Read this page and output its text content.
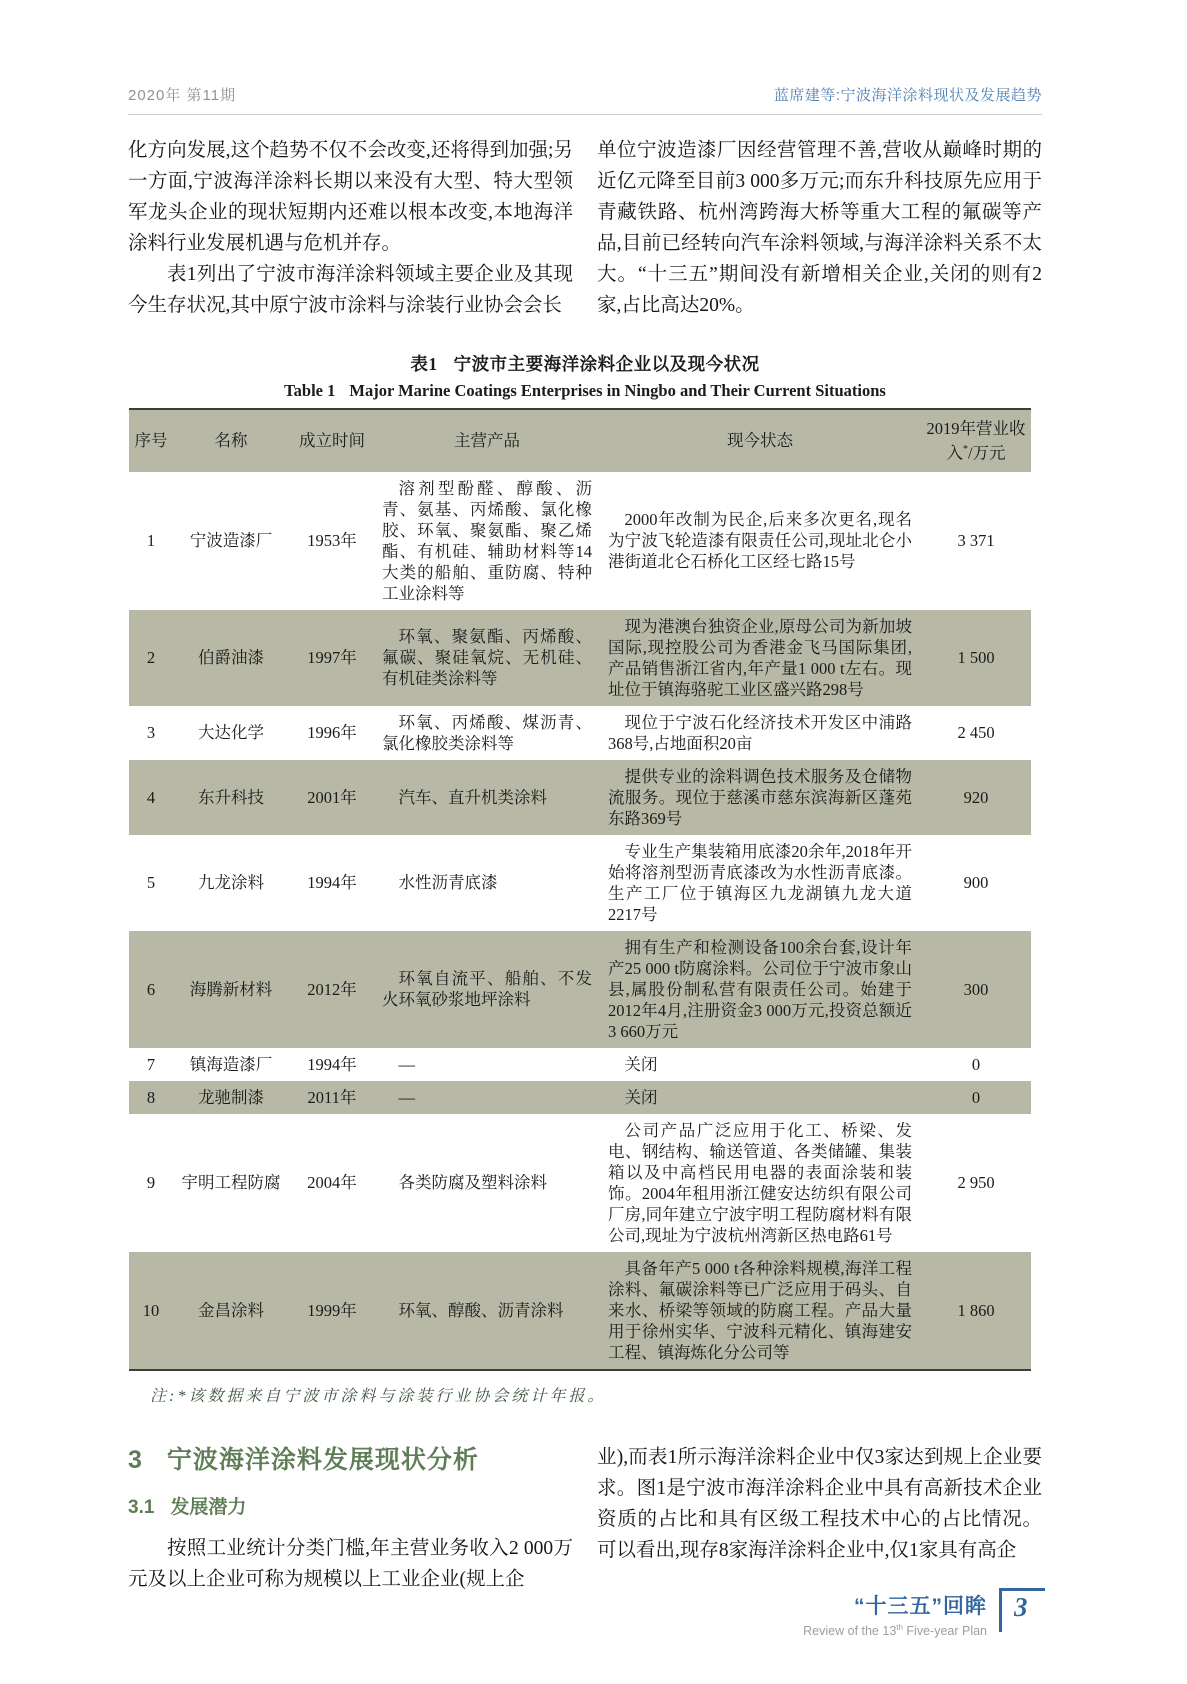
2020年 第11期	蓝席建等:宁波海洋涂料现状及发展趋势

化方向发展,这个趋势不仅不会改变,还将得到加强;另一方面,宁波海洋涂料长期以来没有大型、特大型领军龙头企业的现状短期内还难以根本改变,本地海洋涂料行业发展机遇与危机并存。

表1列出了宁波市海洋涂料领域主要企业及其现今生存状况,其中原宁波市涂料与涂装行业协会会长

单位宁波造漆厂因经营管理不善,营收从巅峰时期的近亿元降至目前3 000多万元;而东升科技原先应用于青藏铁路、杭州湾跨海大桥等重大工程的氟碳等产品,目前已经转向汽车涂料领域,与海洋涂料关系不太大。“十三五”期间没有新增相关企业,关闭的则有2家,占比高达20%。

表1 宁波市主要海洋涂料企业以及现今状况
Table 1 Major Marine Coatings Enterprises in Ningbo and Their Current Situations
序号	名称	成立时间	主营产品	现今状态	2019年营业收入*/万元
1	宁波造漆厂	1953年	溶剂型酚醛、醇酸、沥青、氨基、丙烯酸、氯化橡胶、环氧、聚氨酯、聚乙烯酯、有机硅、辅助材料等14大类的船舶、重防腐、特种工业涂料等	2000年改制为民企,后来多次更名,现名为宁波飞轮造漆有限责任公司,现址北仑小港街道北仑石桥化工区经七路15号	3 371
2	伯爵油漆	1997年	环氧、聚氨酯、丙烯酸、氟碳、聚硅氧烷、无机硅、有机硅类涂料等	现为港澳台独资企业,原母公司为新加坡国际,现控股公司为香港金飞马国际集团,产品销售浙江省内,年产量1 000 t左右。现址位于镇海骆驼工业区盛兴路298号	1 500
3	大达化学	1996年	环氧、丙烯酸、煤沥青、氯化橡胶类涂料等	现位于宁波石化经济技术开发区中浦路368号,占地面积20亩	2 450
4	东升科技	2001年	汽车、直升机类涂料	提供专业的涂料调色技术服务及仓储物流服务。现位于慈溪市慈东滨海新区蓬苑东路369号	920
5	九龙涂料	1994年	水性沥青底漆	专业生产集装箱用底漆20余年,2018年开始将溶剂型沥青底漆改为水性沥青底漆。生产工厂位于镇海区九龙湖镇九龙大道2217号	900
6	海腾新材料	2012年	环氧自流平、船舶、不发火环氧砂浆地坪涂料	拥有生产和检测设备100余台套,设计年产25 000 t防腐涂料。公司位于宁波市象山县,属股份制私营有限责任公司。始建于2012年4月,注册资金3 000万元,投资总额近3 660万元	300
7	镇海造漆厂	1994年	—	关闭	0
8	龙驰制漆	2011年	—	关闭	0
9	宇明工程防腐	2004年	各类防腐及塑料涂料	公司产品广泛应用于化工、桥梁、发电、钢结构、输送管道、各类储罐、集装箱以及中高档民用电器的表面涂装和装饰。2004年租用浙江健安达纺织有限公司厂房,同年建立宁波宇明工程防腐材料有限公司,现址为宁波杭州湾新区热电路61号	2 950
10	金昌涂料	1999年	环氧、醇酸、沥青涂料	具备年产5 000 t各种涂料规模,海洋工程涂料、氟碳涂料等已广泛应用于码头、自来水、桥梁等领域的防腐工程。产品大量用于徐州实华、宁波科元精化、镇海建安工程、镇海炼化分公司等	1 860

注:*该数据来自宁波市涂料与涂装行业协会统计年报。

3 宁波海洋涂料发展现状分析
3.1 发展潜力

按照工业统计分类门槛,年主营业务收入2 000万元及以上企业可称为规模以上工业企业(规上企

业),而表1所示海洋涂料企业中仅3家达到规上企业要求。图1是宁波市海洋涂料企业中具有高新技术企业资质的占比和具有区级工程技术中心的占比情况。可以看出,现存8家海洋涂料企业中,仅1家具有高企

“十三五”回眸
Review of the 13th Five-year Plan
3
